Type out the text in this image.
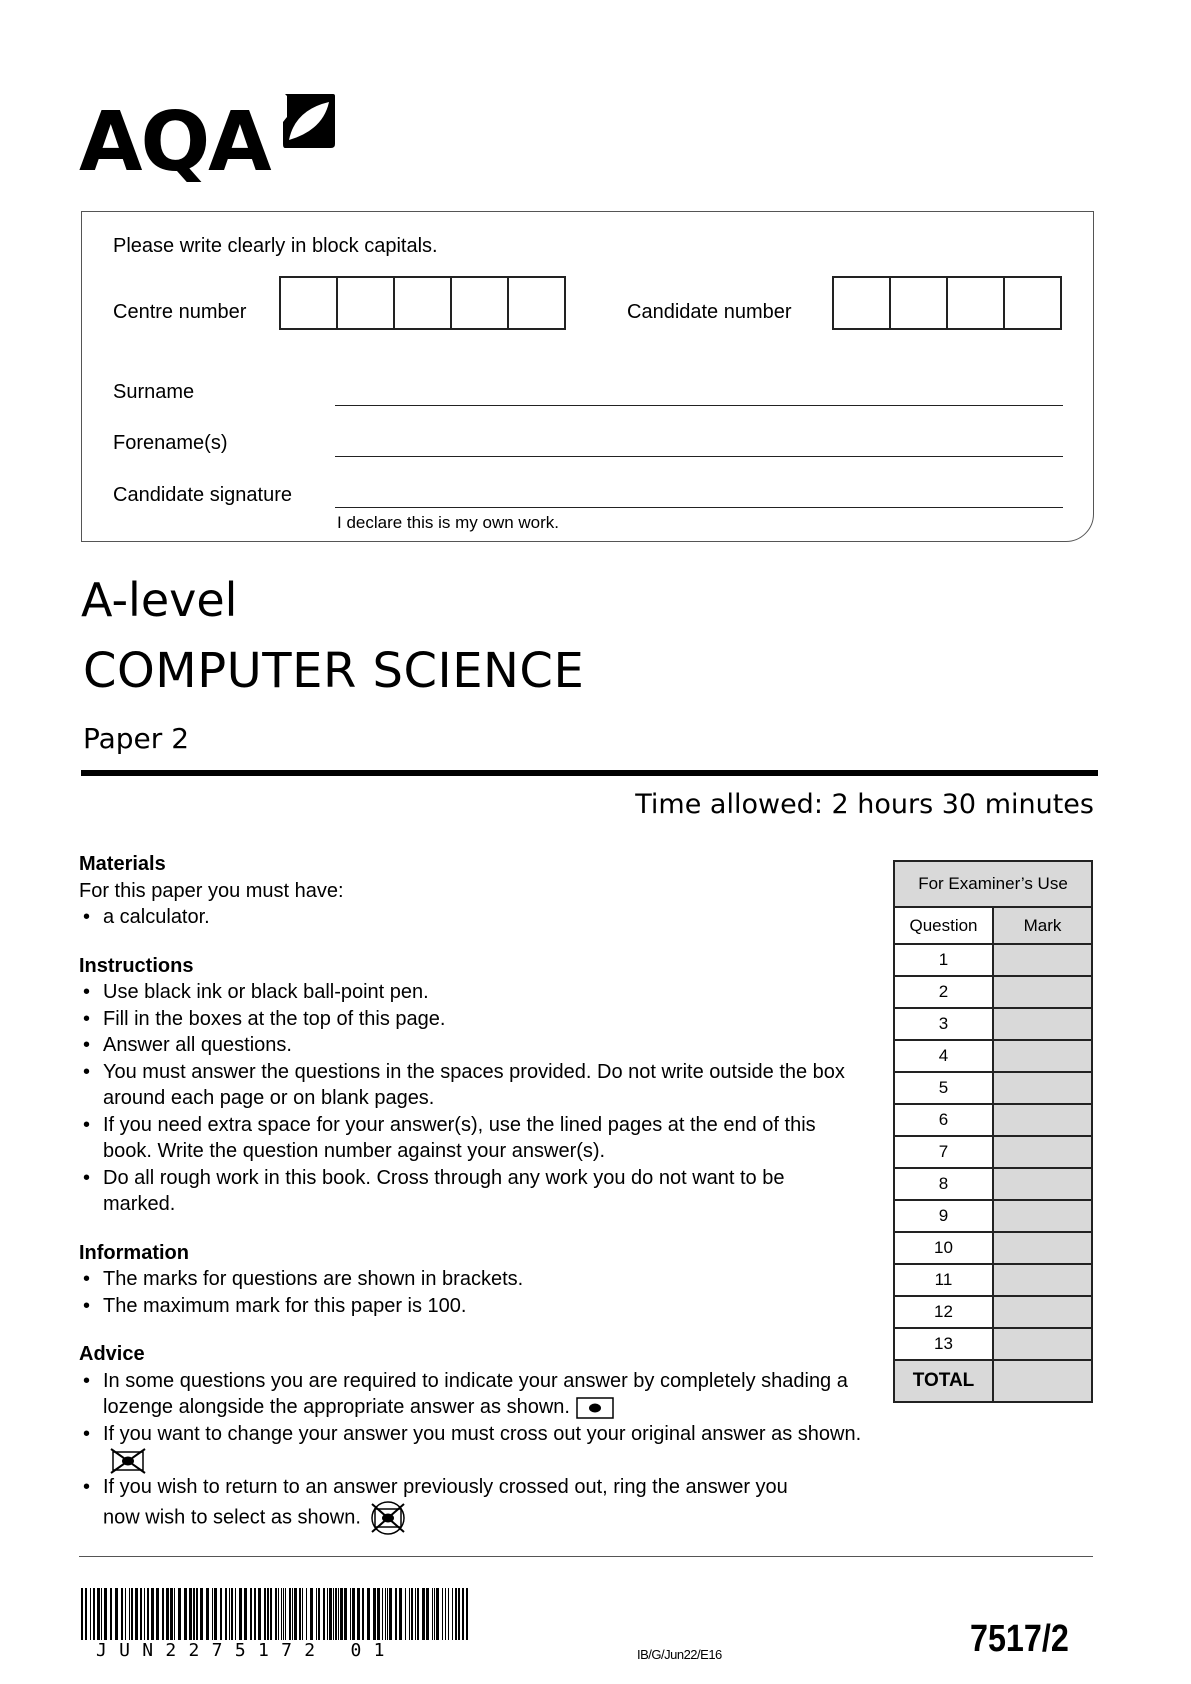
AQA
Please write clearly in block capitals.
Centre number	Candidate number
Surname
Forename(s)
Candidate signature
I declare this is my own work.
A-level
COMPUTER SCIENCE
Paper 2
Time allowed: 2 hours 30 minutes
Materials

For this paper you must have:

• a calculator.
Instructions
• Use black ink or black ball-point pen.
• Fill in the boxes at the top of this page.
• Answer all questions.
• You must answer the questions in the spaces provided. Do not write outside the box around each page or on blank pages.
• If you need extra space for your answer(s), use the lined pages at the end of this book. Write the question number against your answer(s).
• Do all rough work in this book. Cross through any work you do not want to be marked.
Information
• The marks for questions are shown in brackets.
• The maximum mark for this paper is 100.
Advice
• In some questions you are required to indicate your answer by completely shading a lozenge alongside the appropriate answer as shown.
• If you want to change your answer you must cross out your original answer as shown.
• If you wish to return to an answer previously crossed out, ring the answer you now wish to select as shown.
For Examiner’s Use	
Question	Mark
1	
2	
3	
4	
5	
6	
7	
8	
9	
10	
11	
12	
13	
TOTAL	
JUN2275172 01	IB/G/Jun22/E16	7517/2
